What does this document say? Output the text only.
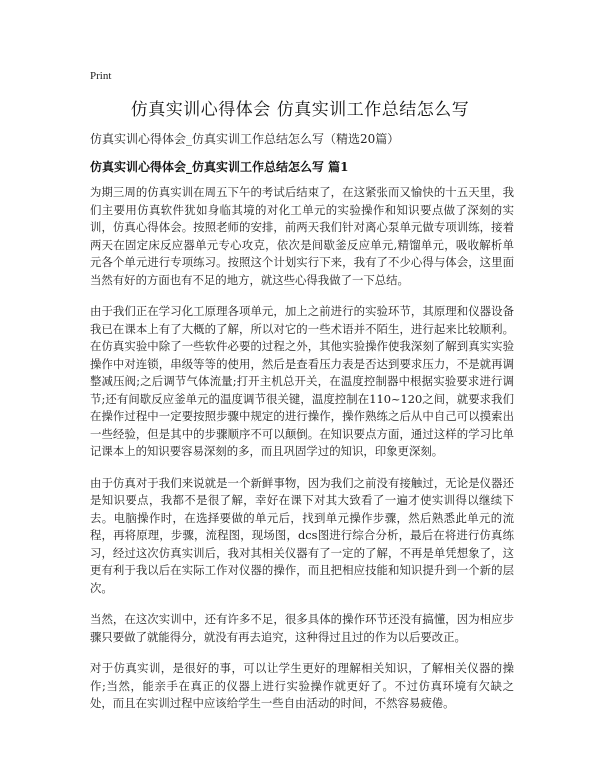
Print
仿真实训心得体会 仿真实训工作总结怎么写
仿真实训心得体会_仿真实训工作总结怎么写（精选20篇）
仿真实训心得体会_仿真实训工作总结怎么写 篇1

为期三周的仿真实训在周五下午的考试后结束了，在这紧张而又愉快的十五天里，我们主要用仿真软件犹如身临其境的对化工单元的实验操作和知识要点做了深刻的实训，仿真心得体会。按照老师的安排，前两天我们针对离心泵单元做专项训练，接着两天在固定床反应器单元专心攻克，依次是间歇釜反应单元,精馏单元，吸收解析单元各个单元进行专项练习。按照这个计划实行下来，我有了不少心得与体会，这里面当然有好的方面也有不足的地方，就这些心得我做了一下总结。

由于我们正在学习化工原理各项单元，加上之前进行的实验环节，其原理和仪器设备我已在课本上有了大概的了解，所以对它的一些术语并不陌生，进行起来比较顺利。在仿真实验中除了一些软件必要的过程之外，其他实验操作使我深刻了解到真实实验操作中对连锁，串级等等的使用，然后是查看压力表是否达到要求压力，不是就再调整减压阀;之后调节气体流量;打开主机总开关，在温度控制器中根据实验要求进行调节;还有间歇反应釜单元的温度调节很关键，温度控制在110~120之间，就要求我们在操作过程中一定要按照步骤中规定的进行操作，操作熟练之后从中自己可以摸索出一些经验，但是其中的步骤顺序不可以颠倒。在知识要点方面，通过这样的学习比单记课本上的知识要容易深刻的多，而且巩固学过的知识，印象更深刻。

由于仿真对于我们来说就是一个新鲜事物，因为我们之前没有接触过，无论是仪器还是知识要点，我都不是很了解，幸好在课下对其大致看了一遍才使实训得以继续下去。电脑操作时，在选择要做的单元后，找到单元操作步骤，然后熟悉此单元的流程，再将原理，步骤，流程图，现场图，dcs图进行综合分析，最后在将进行仿真练习，经过这次仿真实训后，我对其相关仪器有了一定的了解，不再是单凭想象了，这更有利于我以后在实际工作对仪器的操作，而且把相应技能和知识提升到一个新的层次。

当然，在这次实训中，还有许多不足，很多具体的操作环节还没有搞懂，因为相应步骤只要做了就能得分，就没有再去追究，这种得过且过的作为以后要改正。

对于仿真实训，是很好的事，可以让学生更好的理解相关知识，了解相关仪器的操作;当然，能亲手在真正的仪器上进行实验操作就更好了。不过仿真环境有欠缺之处，而且在实训过程中应该给学生一些自由活动的时间，不然容易疲倦。
